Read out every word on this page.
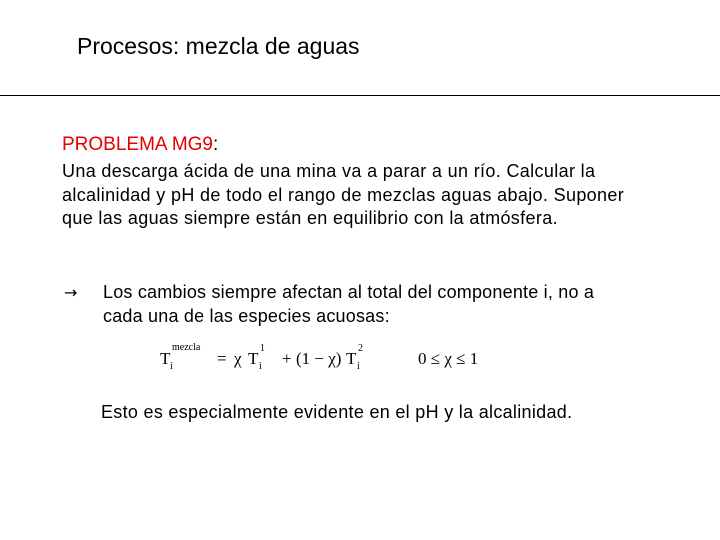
Procesos: mezcla de aguas
PROBLEMA MG9:
Una descarga ácida de una mina va a parar a un río. Calcular la
alcalinidad y pH de todo el rango de mezclas aguas abajo. Suponer
que las aguas siempre están en equilibrio con la atmósfera.
→ Los cambios siempre afectan al total del componente i, no a
cada una de las especies acuosas:
T
mezcla
i	= χ T
1
i + (1 − χ) T
2
i	0 ≤ χ ≤ 1
Esto es especialmente evidente en el pH y la alcalinidad.
